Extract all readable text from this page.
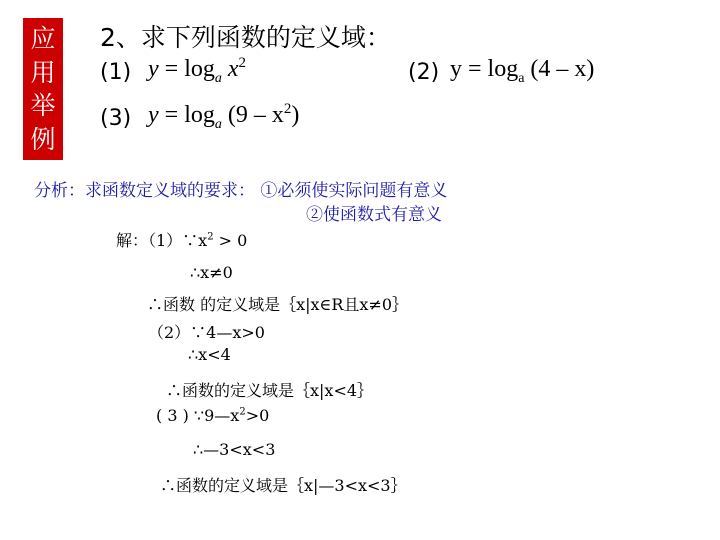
应
用
举
例
2、求下列函数的定义域：
(1) $y = \log_a x^2$	(2) $y = \log_a (4 - x)$
(3) $y = \log_a (9 - x^2)$
分析：求函数定义域的要求： ①必须使实际问题有意义
②使函数式有意义
解：$(1)\because x^2 > 0$
∴x≠0
∴函数 的定义域是｛x|x∈R且x≠0｝
（2）∵4—x>0
∴x<4
∴函数的定义域是｛x|x<4｝
( 3 ) $\because 9—x^2>0$
∴—3<x<3
∴函数的定义域是｛x|—3<x<3｝
